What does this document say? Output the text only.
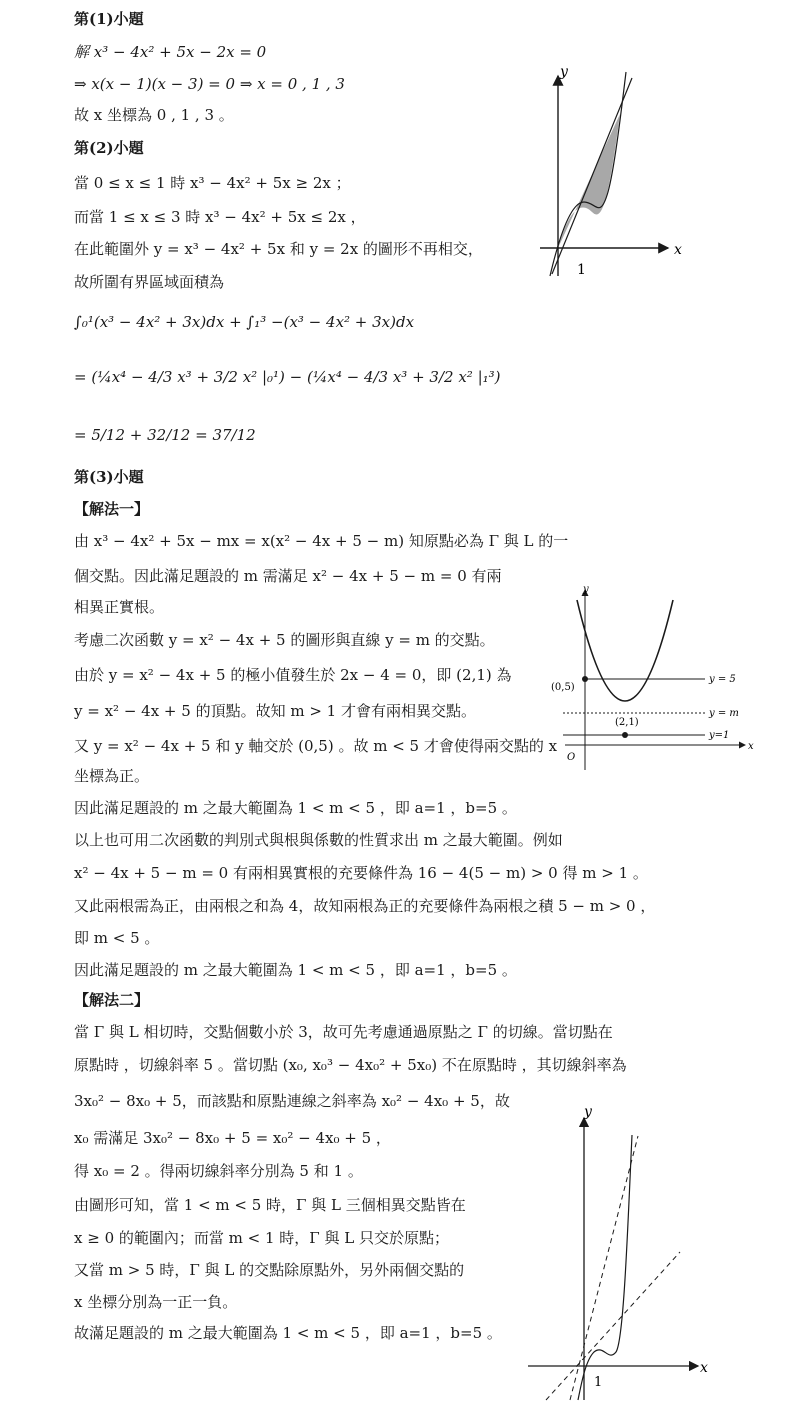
第(1)小題
解 x³ − 4x² + 5x − 2x = 0
⇒ x(x − 1)(x − 3) = 0 ⇒ x = 0 , 1 , 3
故 x 坐標為 0 , 1 , 3 。
第(2)小題
當 0 ≤ x ≤ 1 時 x³ − 4x² + 5x ≥ 2x ；
而當 1 ≤ x ≤ 3 時 x³ − 4x² + 5x ≤ 2x ，
在此範圍外 y = x³ − 4x² + 5x 和 y = 2x 的圖形不再相交，
故所圍有界區域面積為
∫₀¹(x³ − 4x² + 3x)dx + ∫₁³ −(x³ − 4x² + 3x)dx
= (¼x⁴ − 4/3 x³ + 3/2 x² |₀¹) − (¼x⁴ − 4/3 x³ + 3/2 x² |₁³)
= 5/12 + 32/12 = 37/12
x
y
1
第(3)小題
【解法一】
由 x³ − 4x² + 5x − mx = x(x² − 4x + 5 − m) 知原點必為 Γ 與 L 的一
個交點。因此滿足題設的 m 需滿足 x² − 4x + 5 − m = 0 有兩
相異正實根。
考慮二次函數 y = x² − 4x + 5 的圖形與直線 y = m 的交點。
由於 y = x² − 4x + 5 的極小值發生於 2x − 4 = 0，即 (2,1) 為
y = x² − 4x + 5 的頂點。故知 m > 1 才會有兩相異交點。
又 y = x² − 4x + 5 和 y 軸交於 (0,5) 。故 m < 5 才會使得兩交點的 x
坐標為正。
因此滿足題設的 m 之最大範圍為 1 < m < 5 ，即 a=1 ，b=5 。
以上也可用二次函數的判別式與根與係數的性質求出 m 之最大範圍。例如
x² − 4x + 5 − m = 0 有兩相異實根的充要條件為 16 − 4(5 − m) > 0 得 m > 1 。
又此兩根需為正，由兩根之和為 4，故知兩根為正的充要條件為兩根之積 5 − m > 0 ，
即 m < 5 。
因此滿足題設的 m 之最大範圍為 1 < m < 5 ，即 a=1 ，b=5 。
y
x
O
(0,5)
(2,1)
y = 5
y = m
y=1
【解法二】
當 Γ 與 L 相切時，交點個數小於 3，故可先考慮通過原點之 Γ 的切線。當切點在
原點時 ，切線斜率 5 。當切點 (x₀, x₀³ − 4x₀² + 5x₀) 不在原點時 ，其切線斜率為
3x₀² − 8x₀ + 5，而該點和原點連線之斜率為 x₀² − 4x₀ + 5，故
x₀ 需滿足 3x₀² − 8x₀ + 5 = x₀² − 4x₀ + 5 ，
得 x₀ = 2 。得兩切線斜率分別為 5 和 1 。
由圖形可知，當 1 < m < 5 時，Γ 與 L 三個相異交點皆在
x ≥ 0 的範圍內；而當 m < 1 時，Γ 與 L 只交於原點；
又當 m > 5 時，Γ 與 L 的交點除原點外，另外兩個交點的
x 坐標分別為一正一負。
故滿足題設的 m 之最大範圍為 1 < m < 5 ，即 a=1 ，b=5 。
x
y
1
